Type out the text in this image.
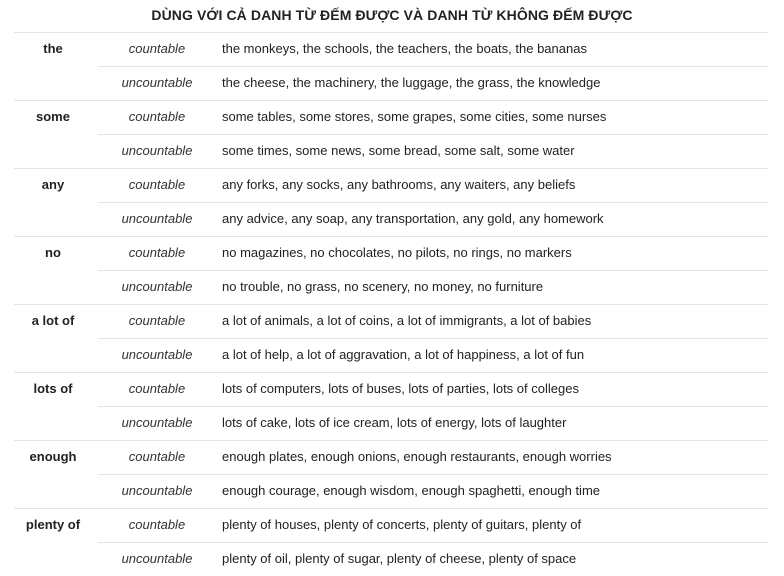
DÙNG VỚI CẢ DANH TỪ ĐẾM ĐƯỢC VÀ DANH TỪ KHÔNG ĐẾM ĐƯỢC
the	countable	the monkeys, the schools, the teachers, the boats, the bananas
uncountable	the cheese, the machinery, the luggage, the grass, the knowledge
some	countable	some tables, some stores, some grapes, some cities, some nurses
uncountable	some times, some news, some bread, some salt, some water
any	countable	any forks, any socks, any bathrooms, any waiters, any beliefs
uncountable	any advice, any soap, any transportation, any gold, any homework
no	countable	no magazines, no chocolates, no pilots, no rings, no markers
uncountable	no trouble, no grass, no scenery, no money, no furniture
a lot of	countable	a lot of animals, a lot of coins, a lot of immigrants, a lot of babies
uncountable	a lot of help, a lot of aggravation, a lot of happiness, a lot of fun
lots of	countable	lots of computers, lots of buses, lots of parties, lots of colleges
uncountable	lots of cake, lots of ice cream, lots of energy, lots of laughter
enough	countable	enough plates, enough onions, enough restaurants, enough worries
uncountable	enough courage, enough wisdom, enough spaghetti, enough time
plenty of	countable	plenty of houses, plenty of concerts, plenty of guitars, plenty of
uncountable	plenty of oil, plenty of sugar, plenty of cheese, plenty of space
